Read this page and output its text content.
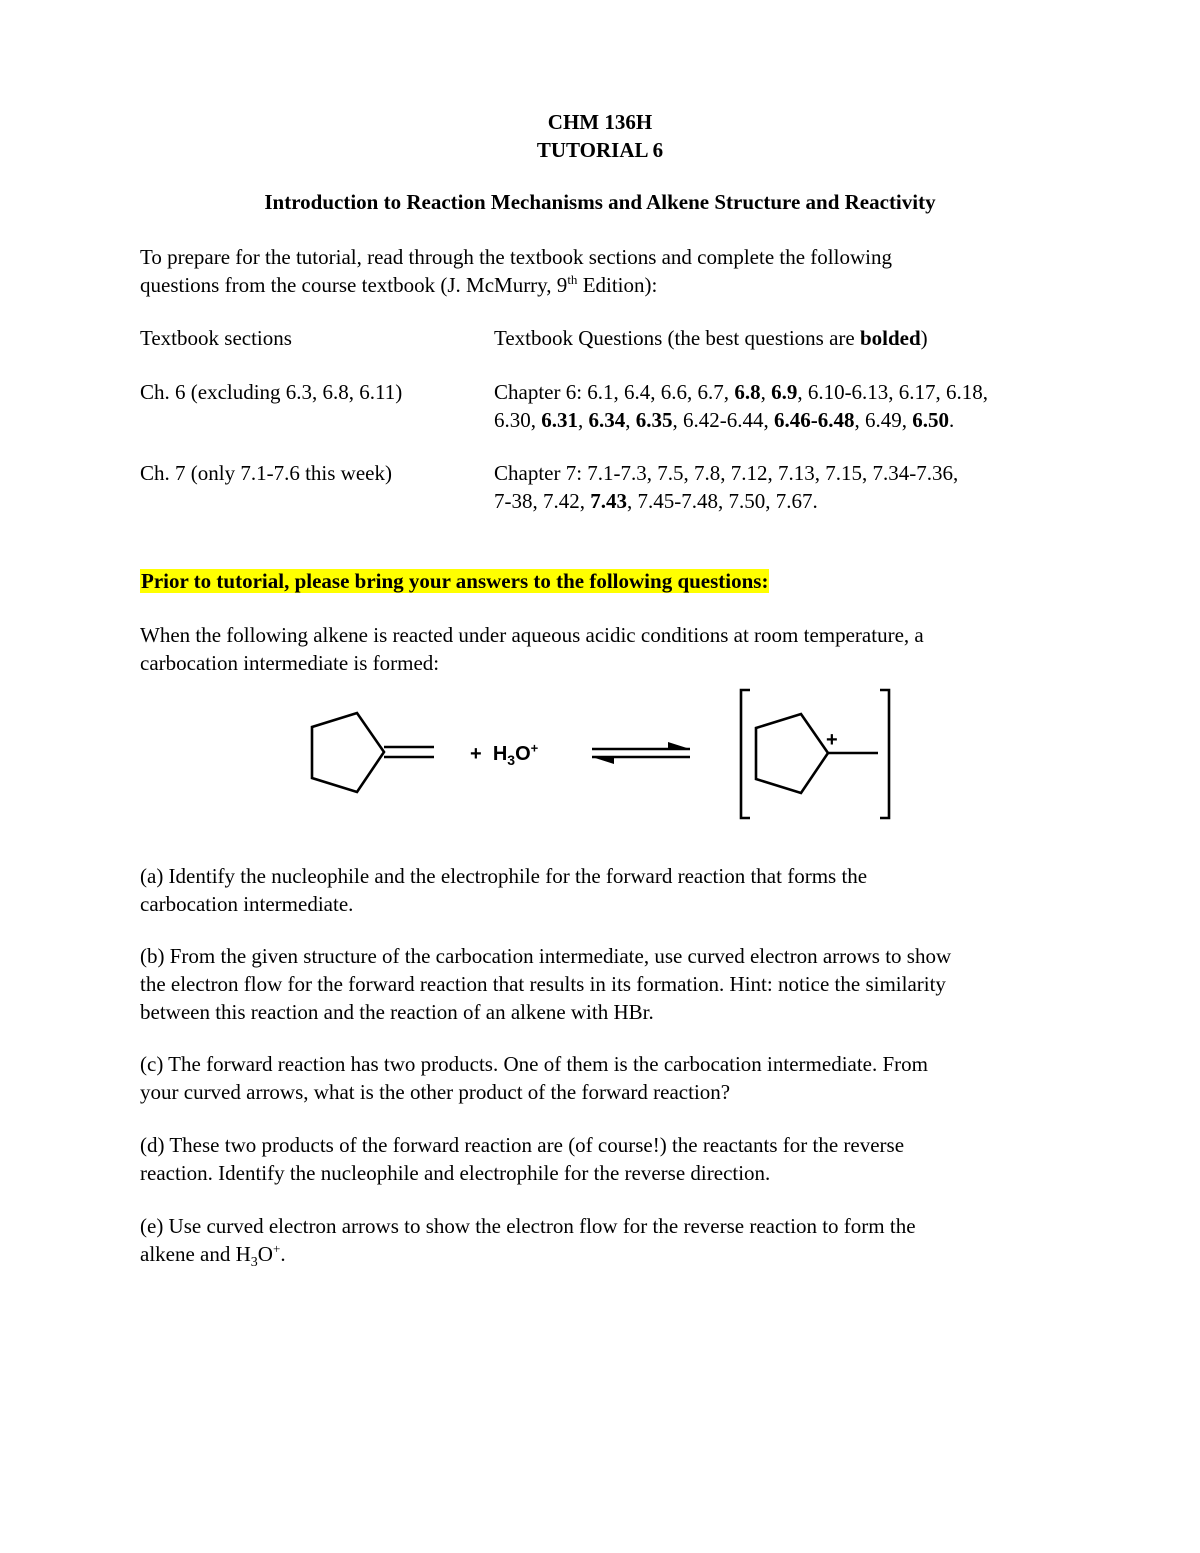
CHM 136H
TUTORIAL 6
Introduction to Reaction Mechanisms and Alkene Structure and Reactivity

To prepare for the tutorial, read through the textbook sections and complete the following
questions from the course textbook (J. McMurry, 9th Edition):

Textbook sections	Textbook Questions (the best questions are bolded)
Ch. 6 (excluding 6.3, 6.8, 6.11)	Chapter 6: 6.1, 6.4, 6.6, 6.7, 6.8, 6.9, 6.10-6.13, 6.17, 6.18,
6.30, 6.31, 6.34, 6.35, 6.42-6.44, 6.46-6.48, 6.49, 6.50.
Ch. 7 (only 7.1-7.6 this week)	Chapter 7: 7.1-7.3, 7.5, 7.8, 7.12, 7.13, 7.15, 7.34-7.36,
7-38, 7.42, 7.43, 7.45-7.48, 7.50, 7.67.

Prior to tutorial, please bring your answers to the following questions:

When the following alkene is reacted under aqueous acidic conditions at room temperature, a
carbocation intermediate is formed:

+ $H_3O^+$	+

(a) Identify the nucleophile and the electrophile for the forward reaction that forms the
carbocation intermediate.

(b) From the given structure of the carbocation intermediate, use curved electron arrows to show
the electron flow for the forward reaction that results in its formation. Hint: notice the similarity
between this reaction and the reaction of an alkene with HBr.

(c) The forward reaction has two products. One of them is the carbocation intermediate. From
your curved arrows, what is the other product of the forward reaction?

(d) These two products of the forward reaction are (of course!) the reactants for the reverse
reaction. Identify the nucleophile and electrophile for the reverse direction.

(e) Use curved electron arrows to show the electron flow for the reverse reaction to form the
alkene and $H_3O^+$.
